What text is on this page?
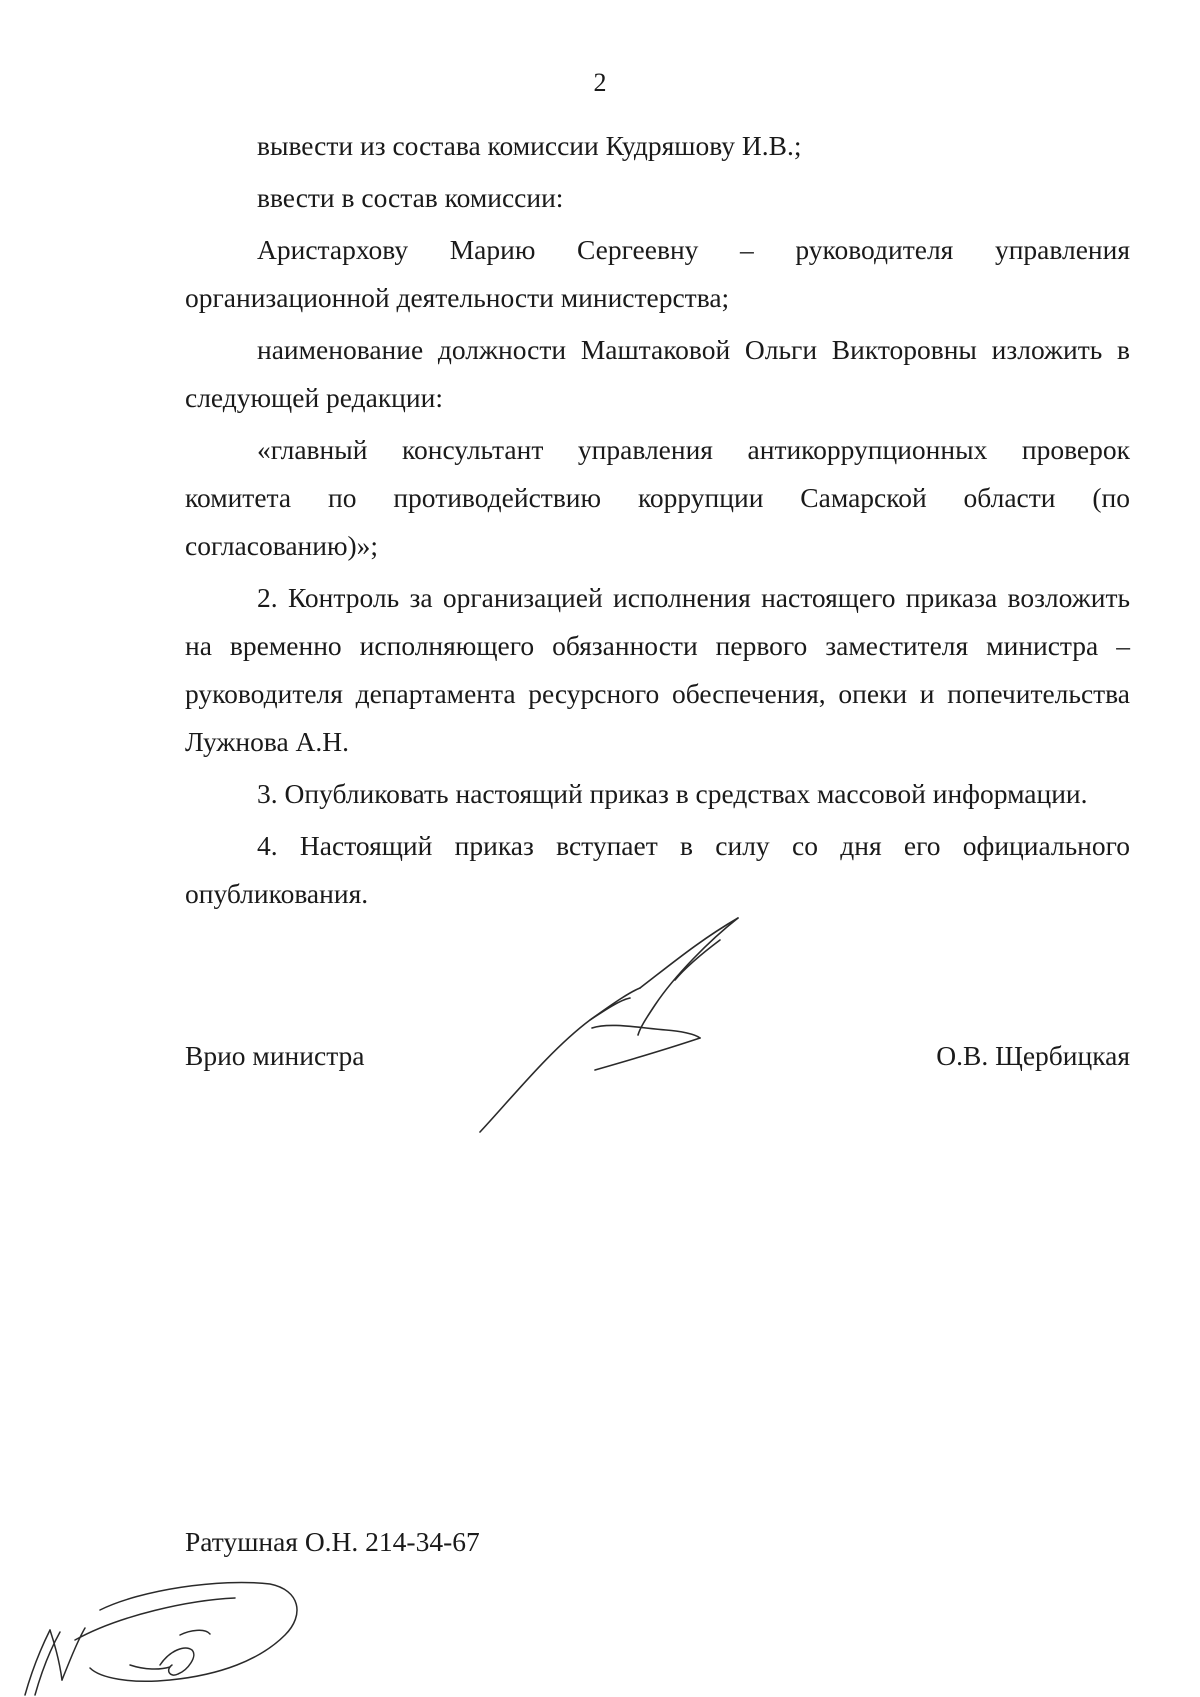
2

вывести из состава комиссии Кудряшову И.В.;

ввести в состав комиссии:

Аристархову Марию Сергеевну – руководителя управления организационной деятельности министерства;

наименование должности Маштаковой Ольги Викторовны изложить в следующей редакции:

«главный консультант управления антикоррупционных проверок комитета по противодействию коррупции Самарской области (по согласованию)»;

2. Контроль за организацией исполнения настоящего приказа возложить на временно исполняющего обязанности первого заместителя министра – руководителя департамента ресурсного обеспечения, опеки и попечительства Лужнова А.Н.

3. Опубликовать настоящий приказ в средствах массовой информации.

4. Настоящий приказ вступает в силу со дня его официального опубликования.

Врио министра	О.В. Щербицкая
Ратушная О.Н. 214-34-67
